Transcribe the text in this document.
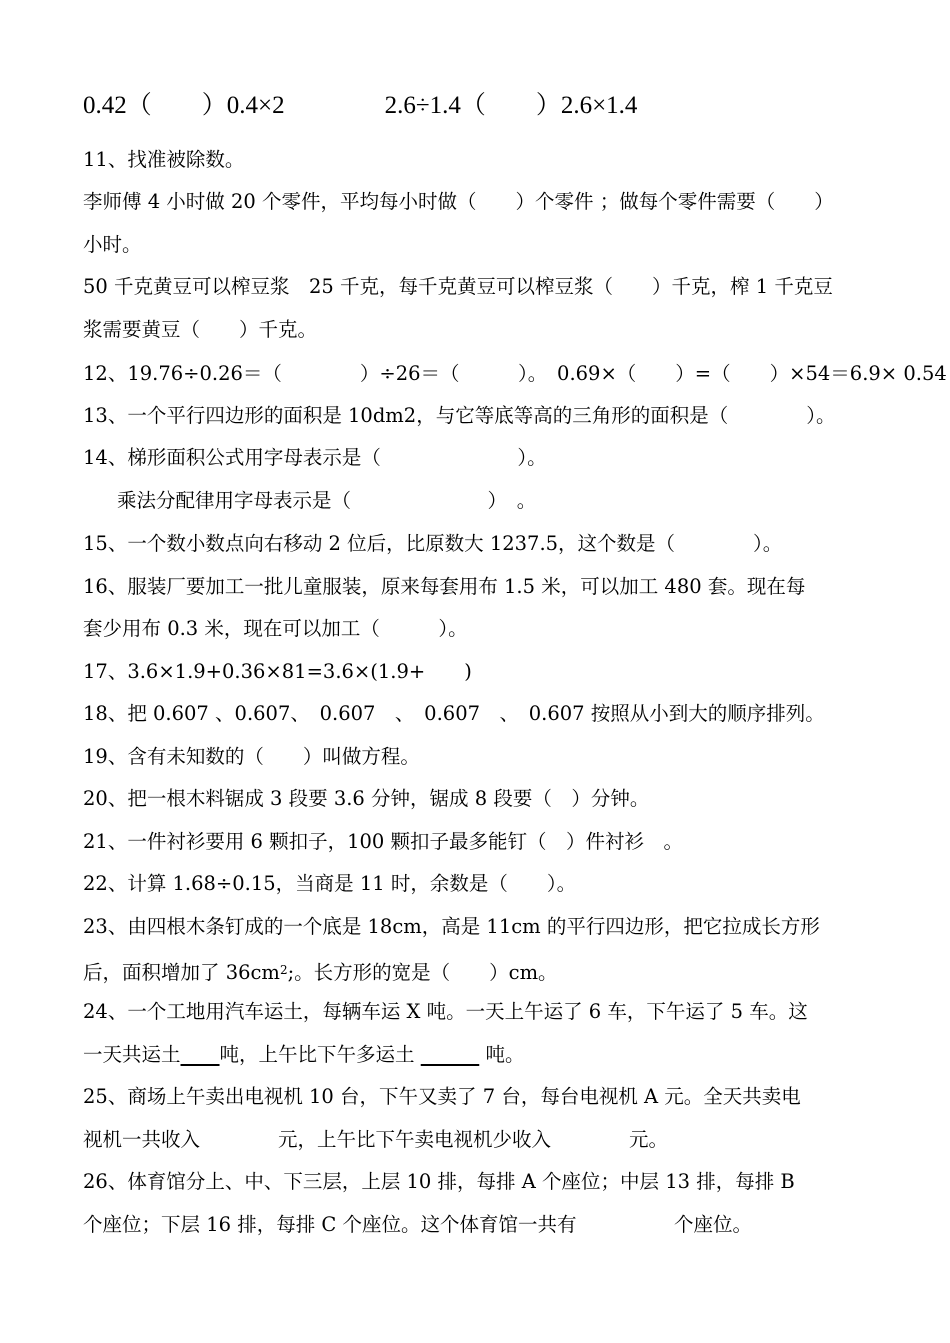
0.42（　　）0.4×2　　　　2.6÷1.4（　　）2.6×1.4
11、找准被除数。
李师傅 4 小时做 20 个零件，平均每小时做（　　）个零件 ；做每个零件需要（　　）
小时。
50 千克黄豆可以榨豆浆　25 千克，每千克黄豆可以榨豆浆（　　）千克，榨 1 千克豆
浆需要黄豆（　　）千克。
12、19.76÷0.26＝（　　　　）÷26＝（　　　）。　0.69×（　　）=（　　）×54＝6.9× 0.54
13、一个平行四边形的面积是 10dm2，与它等底等高的三角形的面积是（　　　　）。
14、梯形面积公式用字母表示是（　　　　　　　）。
乘法分配律用字母表示是（　　　　　　　）　。
15、一个数小数点向右移动 2 位后，比原数大 1237.5，这个数是（　　　　）。
16、服装厂要加工一批儿童服装，原来每套用布 1.5 米，可以加工 480 套。现在每
套少用布 0.3 米，现在可以加工（　　　）。
17、3.6×1.9+0.36×81=3.6×(1.9+　　)
18、把 0.607 、0.607、　0.607　、　0.607　、　0.607 按照从小到大的顺序排列。
19、含有未知数的（　　）叫做方程。
20、把一根木料锯成 3 段要 3.6 分钟，锯成 8 段要（　）分钟。
21、一件衬衫要用 6 颗扣子，100 颗扣子最多能钉（　）件衬衫　。
22、计算 1.68÷0.15，当商是 11 时，余数是（　　）。
23、由四根木条钉成的一个底是 18cm，高是 11cm 的平行四边形，把它拉成长方形
后，面积增加了 $36cm^2$;。长方形的宽是（　　）cm。
24、一个工地用汽车运土，每辆车运 X 吨。一天上午运了 6 车，下午运了 5 车。这
一天共运土　　 吨，上午比下午多运土 　　　	吨。
25、商场上午卖出电视机 10 台，下午又卖了 7 台，每台电视机 A 元。全天共卖电
视机一共收入　　　　元，上午比下午卖电视机少收入　　　　元。
26、体育馆分上、中、下三层，上层 10 排，每排 A 个座位；中层 13 排，每排 B
个座位；下层 16 排，每排 C 个座位。这个体育馆一共有　　　　　个座位。
